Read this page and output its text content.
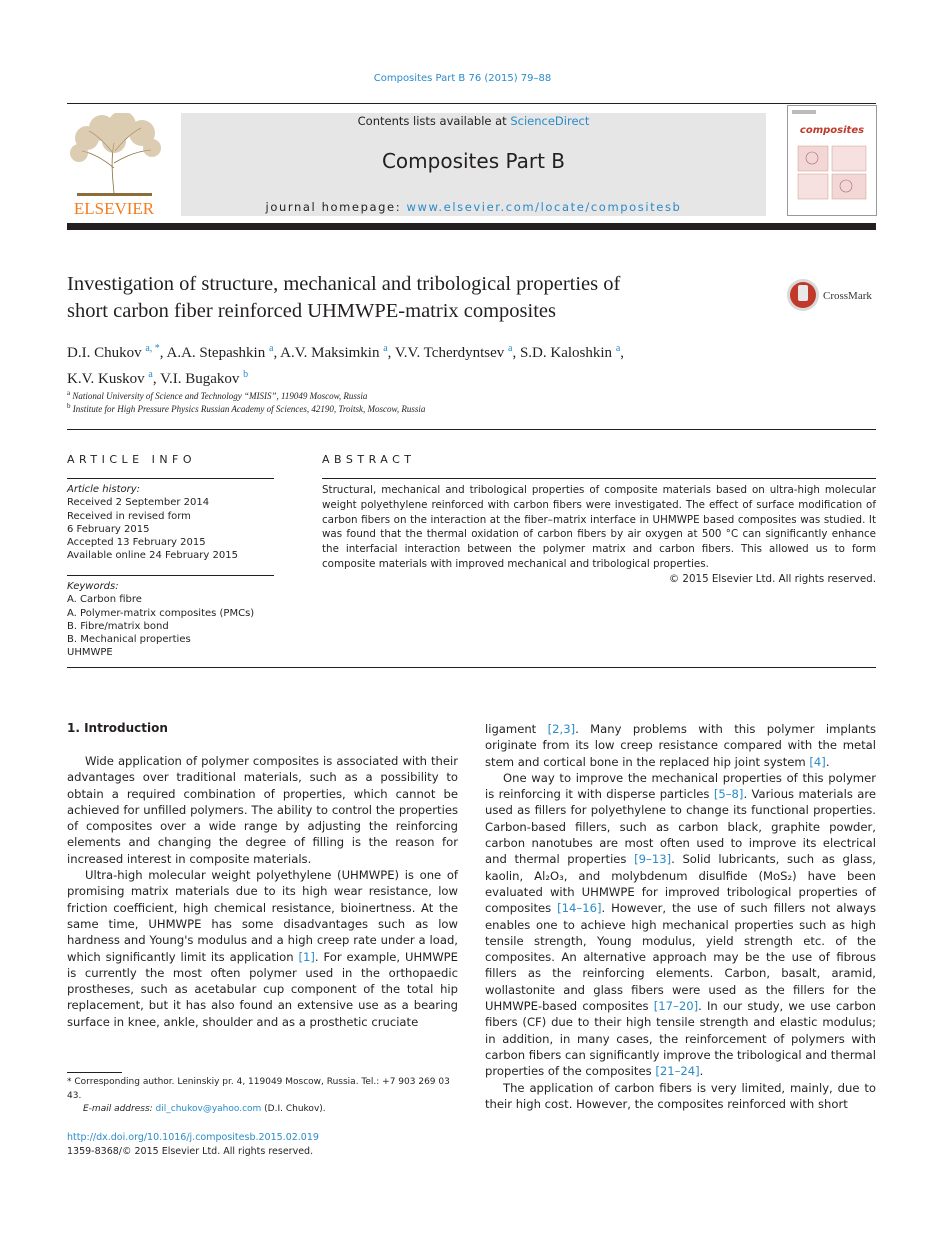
Composites Part B 76 (2015) 79–88
ELSEVIER
Contents lists available at ScienceDirect
Composites Part B
journal homepage: www.elsevier.com/locate/compositesb
composites
Investigation of structure, mechanical and tribological properties of
short carbon fiber reinforced UHMWPE-matrix composites
CrossMark
D.I. Chukov $^{a, *}$, A.A. Stepashkin $^a$, A.V. Maksimkin $^a$, V.V. Tcherdyntsev $^a$, S.D. Kaloshkin $^a$,
K.V. Kuskov $^a$, V.I. Bugakov $^b$
$^a$ National University of Science and Technology “MISIS”, 119049 Moscow, Russia
$^b$ Institute for High Pressure Physics Russian Academy of Sciences, 42190, Troitsk, Moscow, Russia
ARTICLE INFO
Article history:
Received 2 September 2014
Received in revised form
6 February 2015
Accepted 13 February 2015
Available online 24 February 2015
Keywords:
A. Carbon fibre
A. Polymer-matrix composites (PMCs)
B. Fibre/matrix bond
B. Mechanical properties
UHMWPE
ABSTRACT
Structural, mechanical and tribological properties of composite materials based on ultra-high molecular weight polyethylene reinforced with carbon fibers were investigated. The effect of surface modification of carbon fibers on the interaction at the fiber–matrix interface in UHMWPE based composites was studied. It was found that the thermal oxidation of carbon fibers by air oxygen at 500 °C can significantly enhance the interfacial interaction between the polymer matrix and carbon fibers. This allowed us to form composite materials with improved mechanical and tribological properties.
© 2015 Elsevier Ltd. All rights reserved.
1. Introduction

Wide application of polymer composites is associated with their advantages over traditional materials, such as a possibility to obtain a required combination of properties, which cannot be achieved for unfilled polymers. The ability to control the properties of composites over a wide range by adjusting the reinforcing elements and changing the degree of filling is the reason for increased interest in composite materials.

Ultra-high molecular weight polyethylene (UHMWPE) is one of promising matrix materials due to its high wear resistance, low friction coefficient, high chemical resistance, bioinertness. At the same time, UHMWPE has some disadvantages such as low hardness and Young's modulus and a high creep rate under a load, which significantly limit its application [1]. For example, UHMWPE is currently the most often polymer used in the orthopaedic prostheses, such as acetabular cup component of the total hip replacement, but it has also found an extensive use as a bearing surface in knee, ankle, shoulder and as a prosthetic cruciate

ligament [2,3]. Many problems with this polymer implants originate from its low creep resistance compared with the metal stem and cortical bone in the replaced hip joint system [4].

One way to improve the mechanical properties of this polymer is reinforcing it with disperse particles [5–8]. Various materials are used as fillers for polyethylene to change its functional properties. Carbon-based fillers, such as carbon black, graphite powder, carbon nanotubes are most often used to improve its electrical and thermal properties [9–13]. Solid lubricants, such as glass, kaolin, Al₂O₃, and molybdenum disulfide (MoS₂) have been evaluated with UHMWPE for improved tribological properties of composites [14–16]. However, the use of such fillers not always enables one to achieve high mechanical properties such as high tensile strength, Young modulus, yield strength etc. of the composites. An alternative approach may be the use of fibrous fillers as the reinforcing elements. Carbon, basalt, aramid, wollastonite and glass fibers were used as the fillers for the UHMWPE-based composites [17–20]. In our study, we use carbon fibers (CF) due to their high tensile strength and elastic modulus; in addition, in many cases, the reinforcement of polymers with carbon fibers can significantly improve the tribological and thermal properties of the composites [21–24].

The application of carbon fibers is very limited, mainly, due to their high cost. However, the composites reinforced with short

* Corresponding author. Leninskiy pr. 4, 119049 Moscow, Russia. Tel.: +7 903 269 03 43.
E-mail address: dil_chukov@yahoo.com (D.I. Chukov).
http://dx.doi.org/10.1016/j.compositesb.2015.02.019
1359-8368/© 2015 Elsevier Ltd. All rights reserved.
